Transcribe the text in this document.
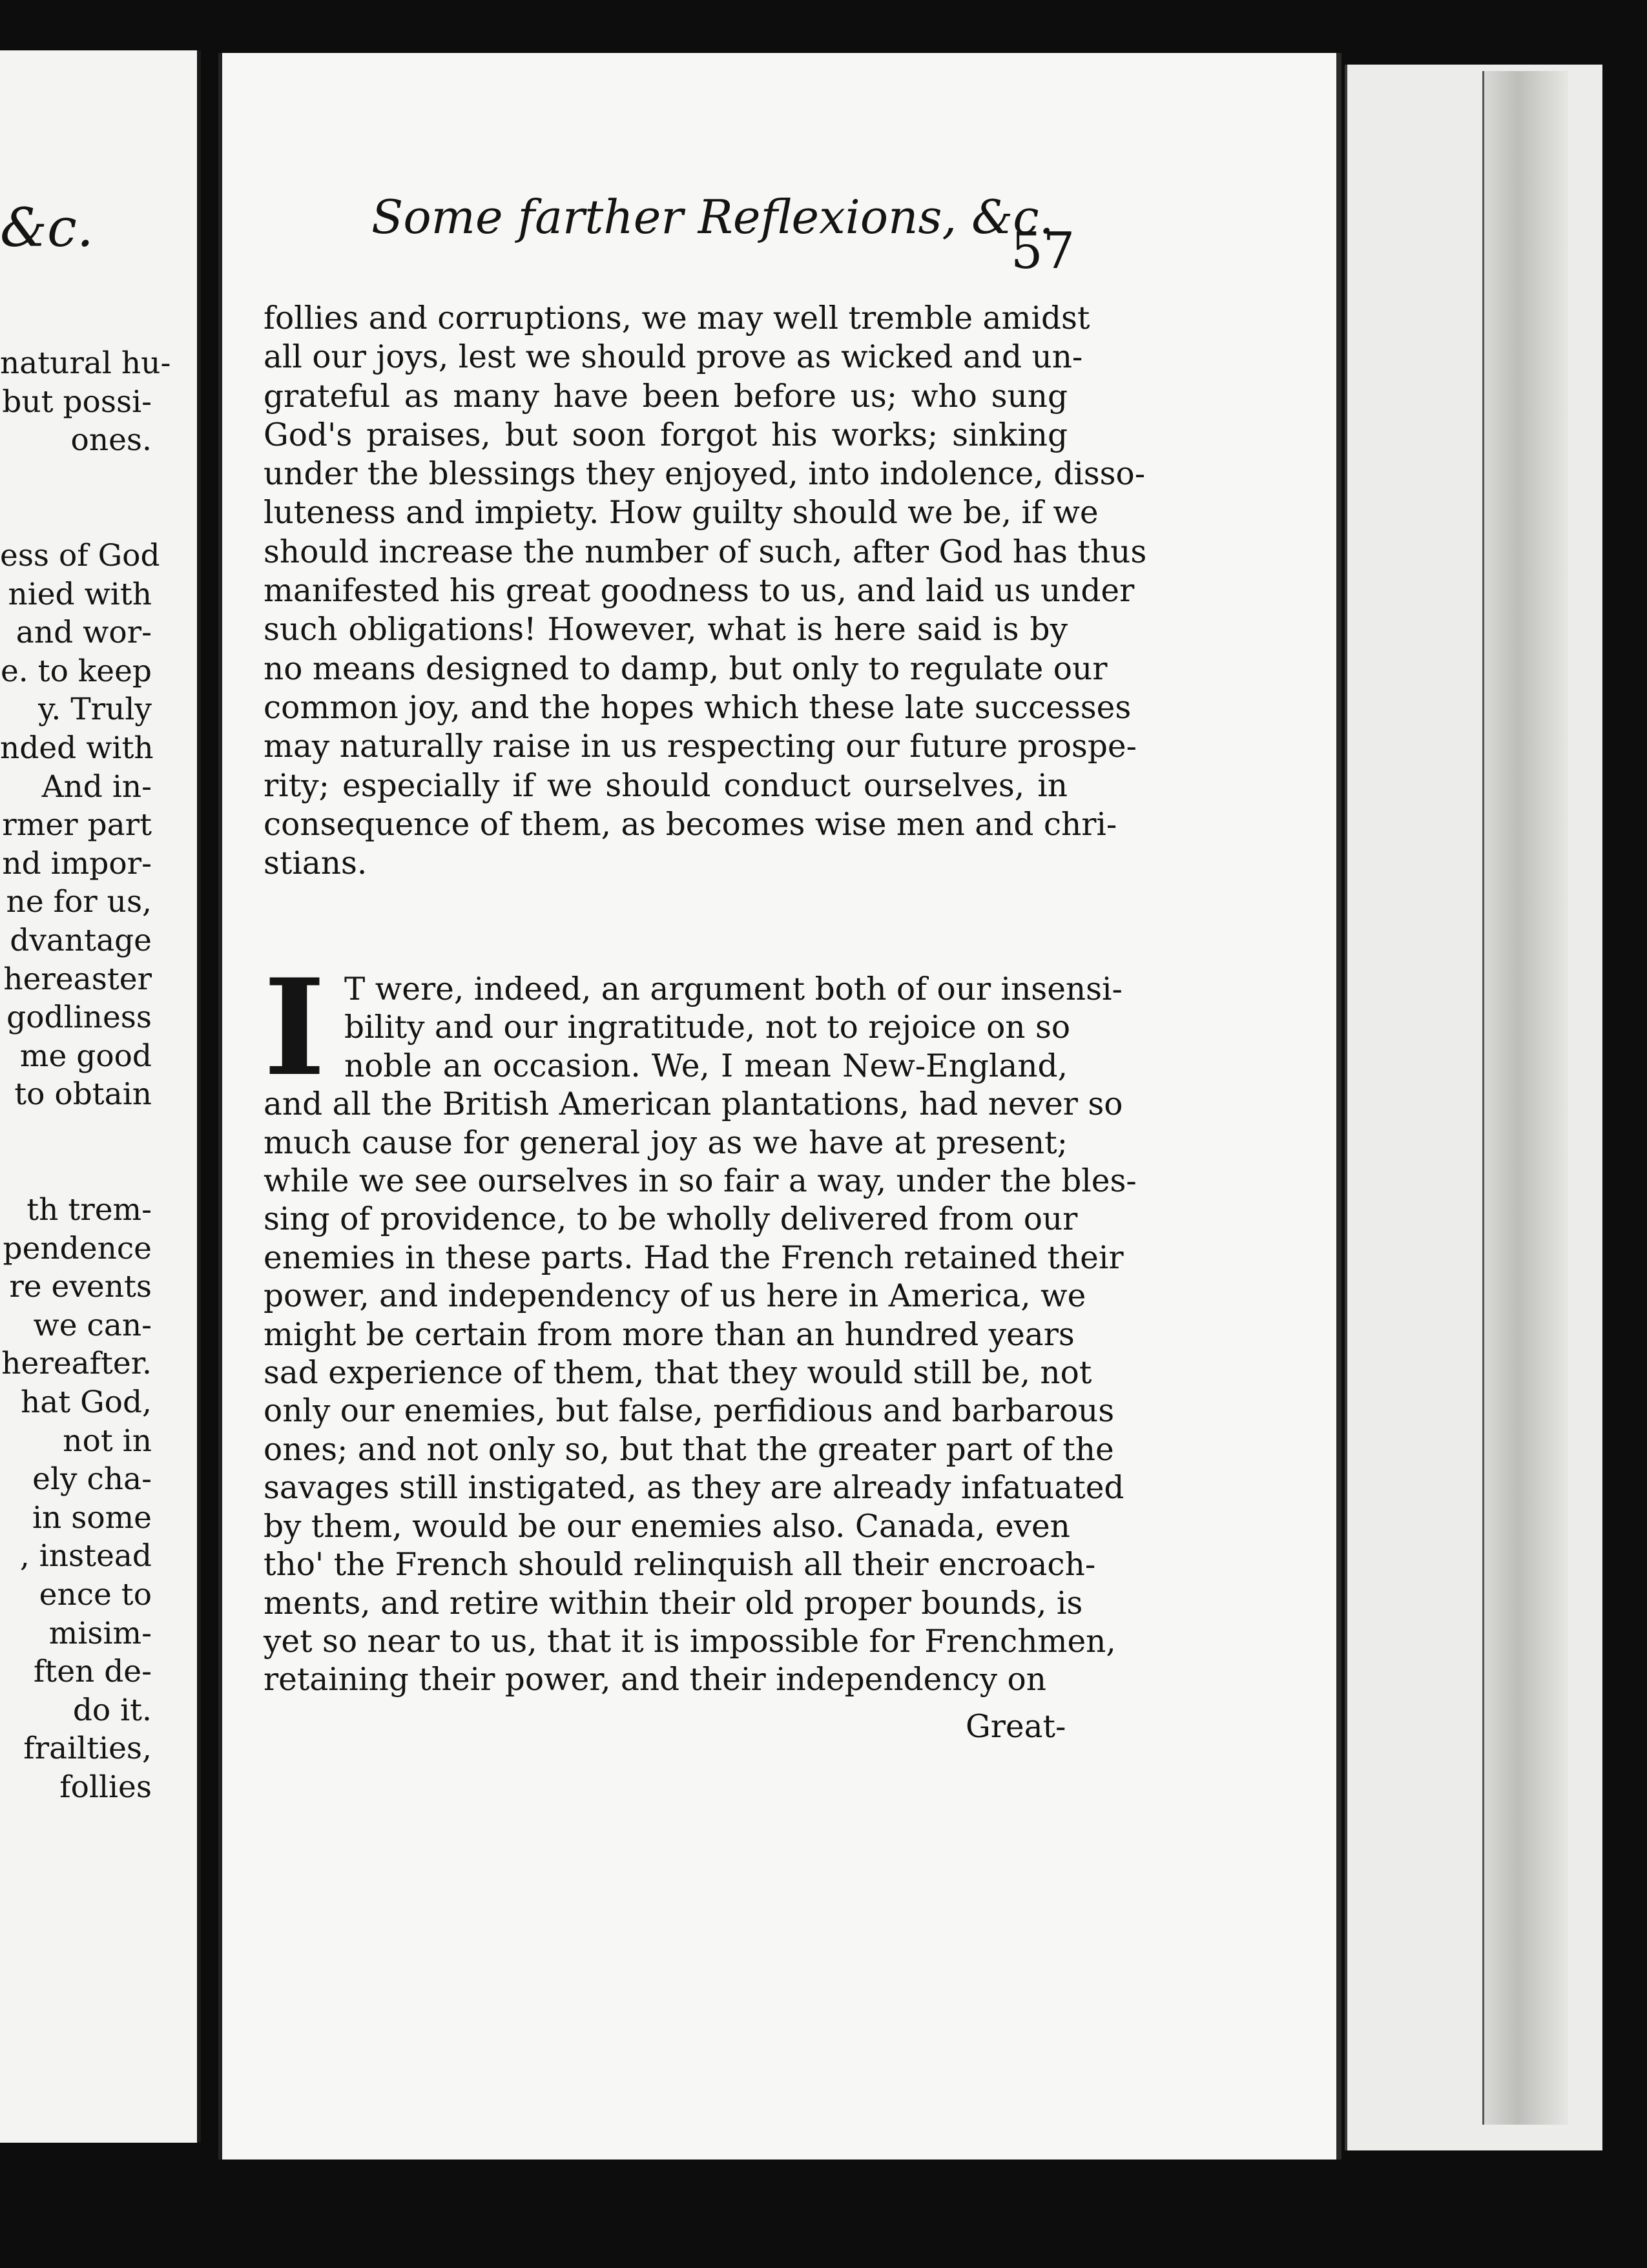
&c.
natural hu-
but possi-
ones.

ess of God
nied with
and wor-
e. to keep
y. Truly
nded with
And in-
rmer part
nd impor-
ne for us,
dvantage
hereaster
godliness
me good
to obtain

th trem-
pendence
re events
we can-
hereafter.
hat God,
not in
ely cha-
in some
, instead
ence to
misim-
ften de-
do it.
frailties,
follies
Some farther Reflexions, &c.
57
follies and corruptions, we may well tremble amidst
all our joys, lest we should prove as wicked and un-
grateful as many have been before us; who sung
God's praises, but soon forgot his works; sinking
under the blessings they enjoyed, into indolence, disso-
luteness and impiety. How guilty should we be, if we
should increase the number of such, after God has thus
manifested his great goodness to us, and laid us under
such obligations! However, what is here said is by
no means designed to damp, but only to regulate our
common joy, and the hopes which these late successes
may naturally raise in us respecting our future prospe-
rity; especially if we should conduct ourselves, in
consequence of them, as becomes wise men and chri-
stians.
I T were, indeed, an argument both of our insensi-
bility and our ingratitude, not to rejoice on so
noble an occasion. We, I mean New-England,
and all the British American plantations, had never so
much cause for general joy as we have at present;
while we see ourselves in so fair a way, under the bles-
sing of providence, to be wholly delivered from our
enemies in these parts. Had the French retained their
power, and independency of us here in America, we
might be certain from more than an hundred years
sad experience of them, that they would still be, not
only our enemies, but false, perfidious and barbarous
ones; and not only so, but that the greater part of the
savages still instigated, as they are already infatuated
by them, would be our enemies also. Canada, even
tho' the French should relinquish all their encroach-
ments, and retire within their old proper bounds, is
yet so near to us, that it is impossible for Frenchmen,
retaining their power, and their independency on
Great-
